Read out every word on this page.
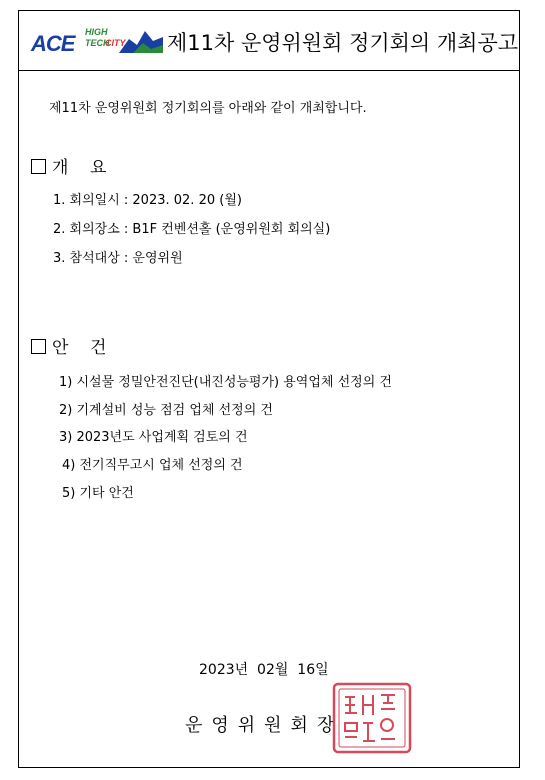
ACE HIGH
TECH
CITY 제11차 운영위원회 정기회의 개최공고
제11차 운영위원회 정기회의를 아래와 같이 개최합니다.
개    요
1. 회의일시 : 2023. 02. 20 (월)
2. 회의장소 : B1F 컨벤션홀 (운영위원회 회의실)
3. 참석대상 : 운영위원
안    건
1) 시설물 정밀안전진단(내진성능평가) 용역업체 선정의 건
2) 기계설비 성능 점검 업체 선정의 건
3) 2023년도 사업계획 검토의 건
4) 전기직무고시 업체 선정의 건
5) 기타 안건
2023년  02월  16일
운영위원회장
